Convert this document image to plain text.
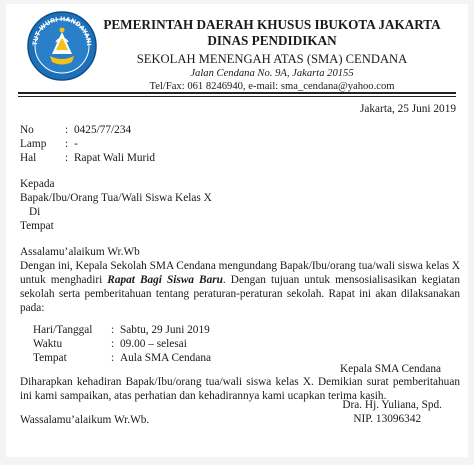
TUT WURI HANDAYANI
PEMERINTAH DAERAH KHUSUS IBUKOTA JAKARTA
DINAS PENDIDIKAN
SEKOLAH MENENGAH ATAS (SMA) CENDANA
Jalan Cendana No. 9A, Jakarta 20155
Tel/Fax: 061 8246940, e-mail: sma_cendana@yahoo.com
Jakarta, 25 Juni 2019
No	: 0425/77/234
Lamp	: -
Hal	: Rapat Wali Murid

Kepada

Bapak/Ibu/Orang Tua/Wali Siswa Kelas X

Di

Tempat

Assalamu’alaikum Wr.Wb

Dengan ini, Kepala Sekolah SMA Cendana mengundang Bapak/Ibu/orang tua/wali siswa kelas X untuk menghadiri Rapat Bagi Siswa Baru. Dengan tujuan untuk mensosialisasikan kegiatan sekolah serta pemberitahuan tentang peraturan-peraturan sekolah. Rapat ini akan dilaksanakan pada:

Hari/Tanggal	: Sabtu, 29 Juni 2019
Waktu	: 09.00 – selesai
Tempat	: Aula SMA Cendana

Diharapkan kehadiran Bapak/Ibu/orang tua/wali siswa kelas X. Demikian surat pemberitahuan ini kami sampaikan, atas perhatian dan kehadirannya kami ucapkan terima kasih.

Wassalamu’alaikum Wr.Wb.

Kepala SMA Cendana
Dra. Hj. Yuliana, Spd.
NIP. 13096342
